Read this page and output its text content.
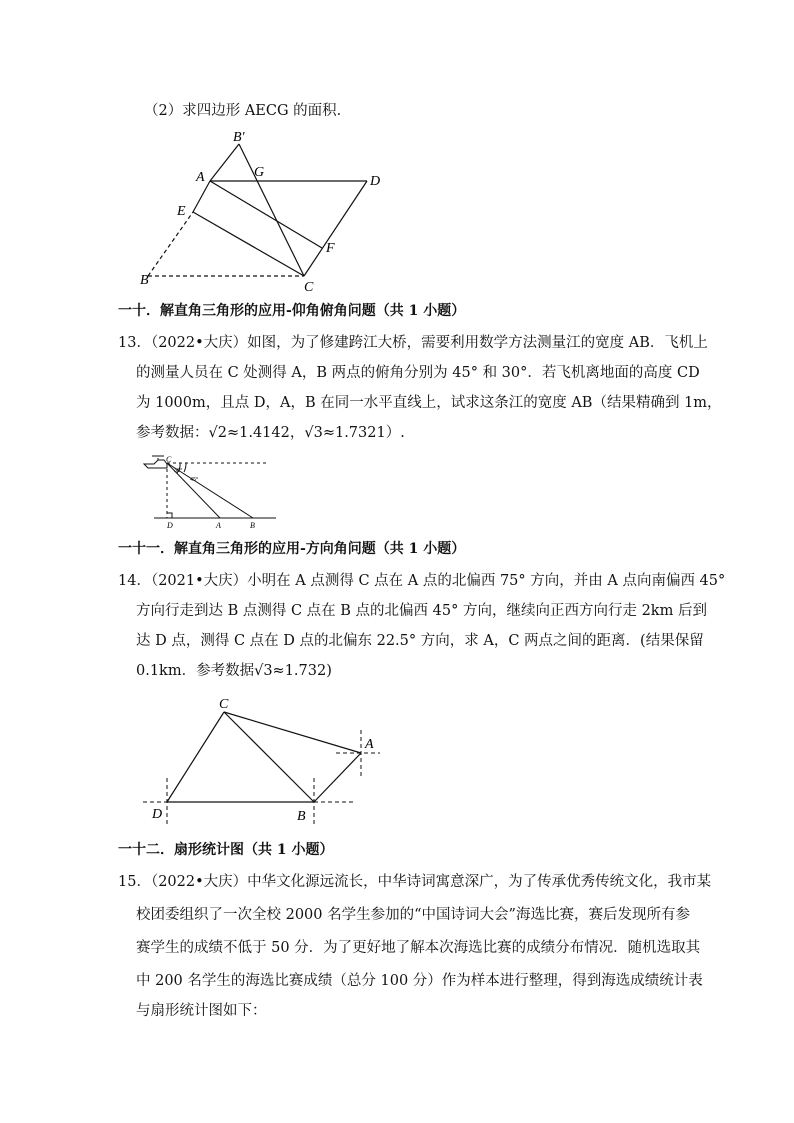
（2）求四边形 AECG 的面积．
B′
A	G
D
E
F
B	C
一十．解直角三角形的应用-仰角俯角问题（共 1 小题）
13．（2022•大庆）如图，为了修建跨江大桥，需要利用数学方法测量江的宽度 AB．飞机上
的测量人员在 C 处测得 A，B 两点的俯角分别为 45° 和 30°．若飞机离地面的高度 CD
为 1000m，且点 D，A，B 在同一水平直线上，试求这条江的宽度 AB（结果精确到 1m，
参考数据：√2≈1.4142，√3≈1.7321）.
C
30°
45°
D	A	B
一十一．解直角三角形的应用-方向角问题（共 1 小题）
14．（2021•大庆）小明在 A 点测得 C 点在 A 点的北偏西 75° 方向，并由 A 点向南偏西 45°
方向行走到达 B 点测得 C 点在 B 点的北偏西 45° 方向，继续向正西方向行走 2km 后到
达 D 点，测得 C 点在 D 点的北偏东 22.5° 方向，求 A，C 两点之间的距离．(结果保留
0.1km．参考数据√3≈1.732)
C
A
D	B
一十二．扇形统计图（共 1 小题）
15．（2022•大庆）中华文化源远流长，中华诗词寓意深广，为了传承优秀传统文化，我市某
校团委组织了一次全校 2000 名学生参加的“中国诗词大会”海选比赛，赛后发现所有参
赛学生的成绩不低于 50 分．为了更好地了解本次海选比赛的成绩分布情况．随机选取其
中 200 名学生的海选比赛成绩（总分 100 分）作为样本进行整理，得到海选成绩统计表
与扇形统计图如下：
